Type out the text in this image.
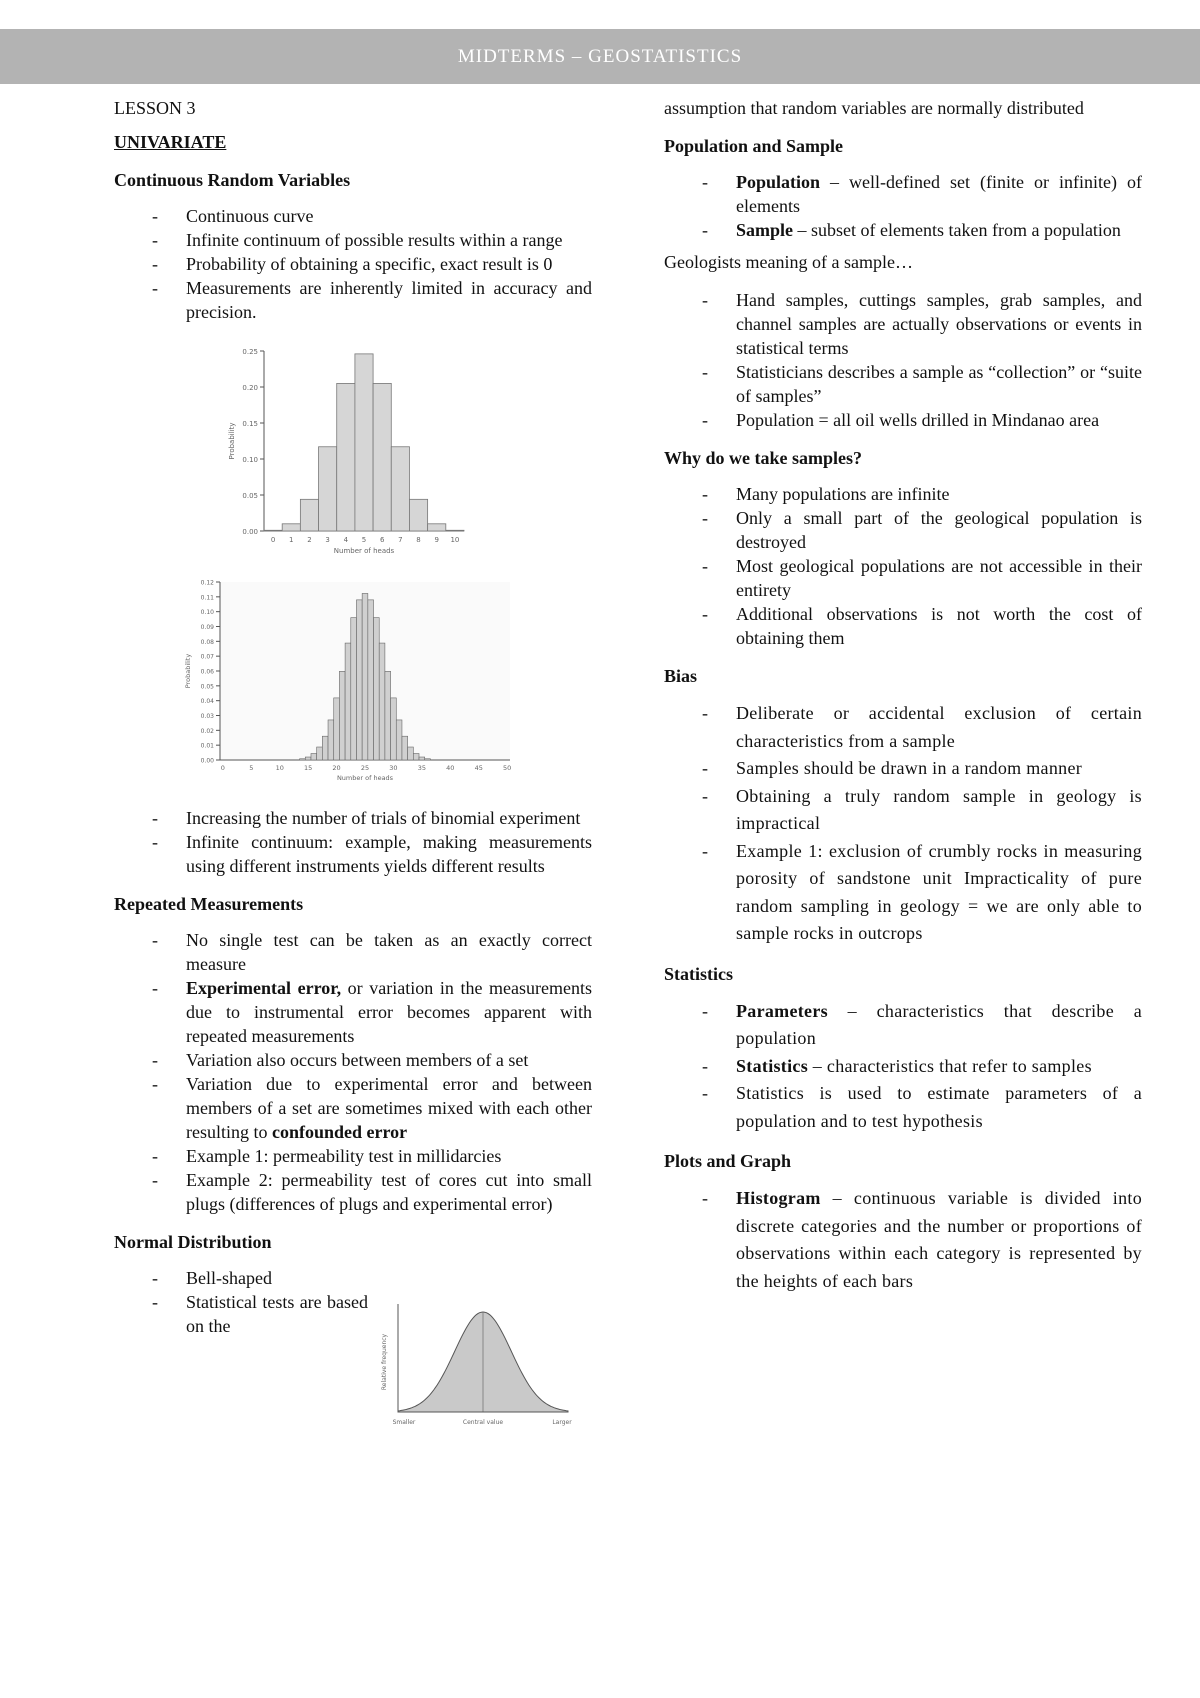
MIDTERMS – GEOSTATISTICS

LESSON 3

UNIVARIATE

Continuous Random Variables

- Continuous curve
- Infinite continuum of possible results within a range
- Probability of obtaining a specific, exact result is 0
- Measurements are inherently limited in accuracy and precision.
0.00
0.05
0.10
0.15
0.20
0.25
0 1 2 3 4 5 6 7 8 9 10
Number of heads
Probability
0.00
0.01
0.02
0.03
0.04
0.05
0.06
0.07
0.08
0.09
0.10
0.11
0.12
0	5	10	15	20	25	30	35	40	45	50
Number of heads
Probability
- Increasing the number of trials of binomial experiment
- Infinite continuum: example, making measurements using different instruments yields different results

Repeated Measurements

- No single test can be taken as an exactly correct measure
- Experimental error, or variation in the measurements due to instrumental error becomes apparent with repeated measurements
- Variation also occurs between members of a set
- Variation due to experimental error and between members of a set are sometimes mixed with each other resulting to confounded error
- Example 1: permeability test in millidarcies
- Example 2: permeability test of cores cut into small plugs (differences of plugs and experimental error)

Normal Distribution

- Bell-shaped
- Statistical tests are based on the
Smaller	Central value	Larger
Relative frequency

assumption that random variables are normally distributed

Population and Sample

- Population – well-defined set (finite or infinite) of elements
- Sample – subset of elements taken from a population

Geologists meaning of a sample…

- Hand samples, cuttings samples, grab samples, and channel samples are actually observations or events in statistical terms
- Statisticians describes a sample as “collection” or “suite of samples”
- Population = all oil wells drilled in Mindanao area

Why do we take samples?

- Many populations are infinite
- Only a small part of the geological population is destroyed
- Most geological populations are not accessible in their entirety
- Additional observations is not worth the cost of obtaining them

Bias

- Deliberate or accidental exclusion of certain characteristics from a sample
- Samples should be drawn in a random manner
- Obtaining a truly random sample in geology is impractical
- Example 1: exclusion of crumbly rocks in measuring porosity of sandstone unit Impracticality of pure random sampling in geology = we are only able to sample rocks in outcrops

Statistics

- Parameters – characteristics that describe a population
- Statistics – characteristics that refer to samples
- Statistics is used to estimate parameters of a population and to test hypothesis

Plots and Graph

- Histogram – continuous variable is divided into discrete categories and the number or proportions of observations within each category is represented by the heights of each bars
